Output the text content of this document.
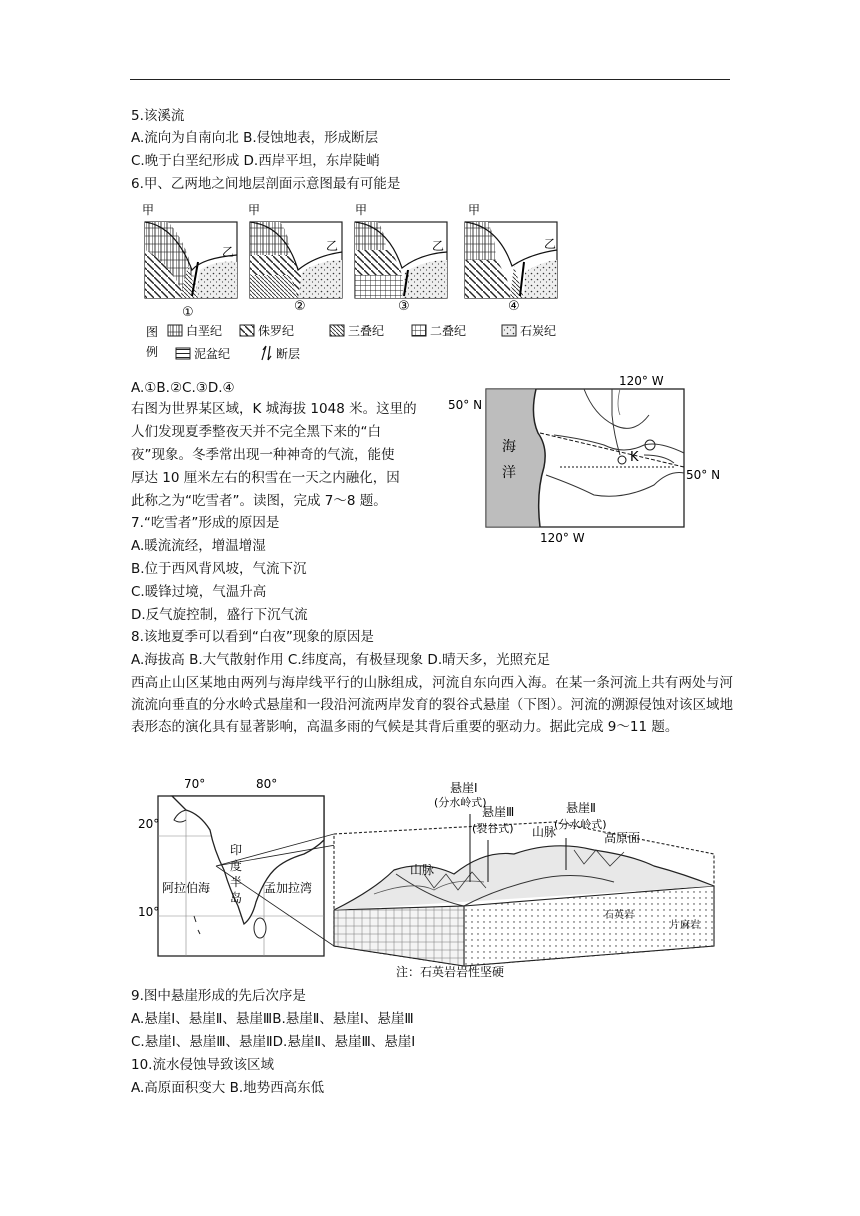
5.该溪流
A.流向为自南向北 B.侵蚀地表，形成断层
C.晚于白垩纪形成 D.西岸平坦，东岸陡峭
6.甲、乙两地之间地层剖面示意图最有可能是
甲
乙
甲
乙
甲
乙
甲
乙
①	②	③	④
图
例
白垩纪	侏罗纪	三叠纪	二叠纪	石炭纪
泥盆纪	断层
A.①B.②C.③D.④	120° W
120° W
50° N
50° N
海
洋
K
右图为世界某区域，K 城海拔 1048 米。这里的
人们发现夏季整夜天并不完全黑下来的“白
夜”现象。冬季常出现一种神奇的气流，能使
厚达 10 厘米左右的积雪在一天之内融化，因
此称之为“吃雪者”。读图，完成 7～8 题。
7.“吃雪者”形成的原因是
A.暖流流经，增温增湿
B.位于西风背风坡，气流下沉
C.暖锋过境，气温升高
D.反气旋控制，盛行下沉气流
8.该地夏季可以看到“白夜”现象的原因是
A.海拔高 B.大气散射作用 C.纬度高，有极昼现象 D.晴天多，光照充足
西高止山区某地由两列与海岸线平行的山脉组成，河流自东向西入海。在某一条河流上共有两处与河流流向垂直的分水岭式悬崖和一段沿河流两岸发育的裂谷式悬崖（下图）。河流的溯源侵蚀对该区域地表形态的演化具有显著影响，高温多雨的气候是其背后重要的驱动力。据此完成 9～11 题。
70°	80°
20°
10°
印
度
半
岛
阿拉伯海	孟加拉湾
悬崖Ⅰ
(分水岭式)
悬崖Ⅲ
(裂谷式)
悬崖Ⅱ
(分水岭式)
山脉
山脉
高原面
石英岩
片麻岩
注：石英岩岩性坚硬
9.图中悬崖形成的先后次序是
A.悬崖Ⅰ、悬崖Ⅱ、悬崖ⅢB.悬崖Ⅱ、悬崖Ⅰ、悬崖Ⅲ
C.悬崖Ⅰ、悬崖Ⅲ、悬崖ⅡD.悬崖Ⅱ、悬崖Ⅲ、悬崖Ⅰ
10.流水侵蚀导致该区域
A.高原面积变大 B.地势西高东低
